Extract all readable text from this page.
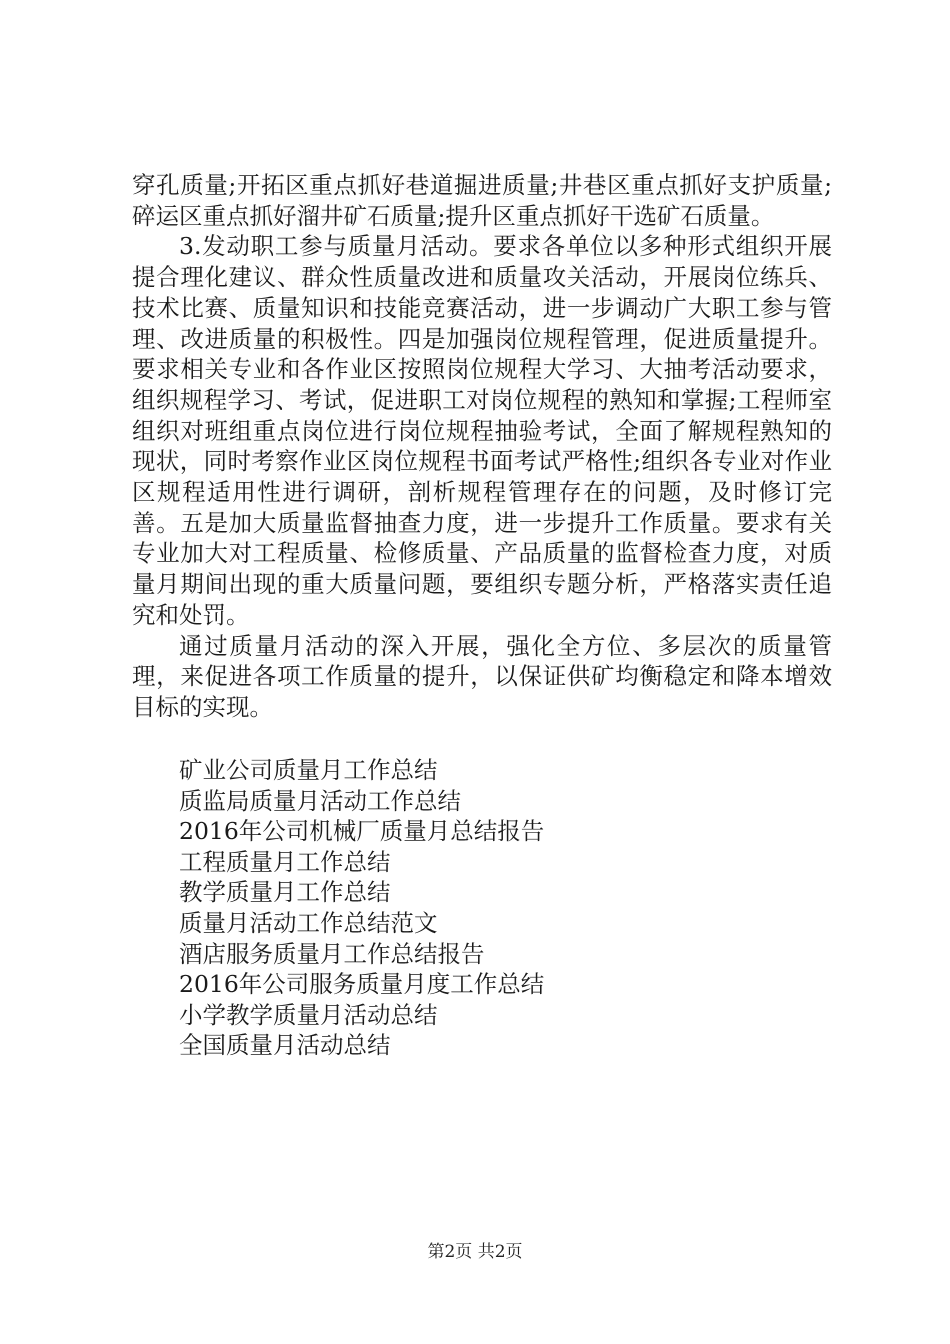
穿孔质量;开拓区重点抓好巷道掘进质量;井巷区重点抓好支护质量;碎运区重点抓好溜井矿石质量;提升区重点抓好干选矿石质量。

3.发动职工参与质量月活动。要求各单位以多种形式组织开展提合理化建议、群众性质量改进和质量攻关活动，开展岗位练兵、技术比赛、质量知识和技能竞赛活动，进一步调动广大职工参与管理、改进质量的积极性。四是加强岗位规程管理，促进质量提升。要求相关专业和各作业区按照岗位规程大学习、大抽考活动要求，组织规程学习、考试，促进职工对岗位规程的熟知和掌握;工程师室组织对班组重点岗位进行岗位规程抽验考试，全面了解规程熟知的现状，同时考察作业区岗位规程书面考试严格性;组织各专业对作业区规程适用性进行调研，剖析规程管理存在的问题，及时修订完善。五是加大质量监督抽查力度，进一步提升工作质量。要求有关专业加大对工程质量、检修质量、产品质量的监督检查力度，对质量月期间出现的重大质量问题，要组织专题分析，严格落实责任追究和处罚。

通过质量月活动的深入开展，强化全方位、多层次的质量管理，来促进各项工作质量的提升，以保证供矿均衡稳定和降本增效目标的实现。

矿业公司质量月工作总结
质监局质量月活动工作总结
2016年公司机械厂质量月总结报告
工程质量月工作总结
教学质量月工作总结
质量月活动工作总结范文
酒店服务质量月工作总结报告
2016年公司服务质量月度工作总结
小学教学质量月活动总结
全国质量月活动总结
第2页 共2页
